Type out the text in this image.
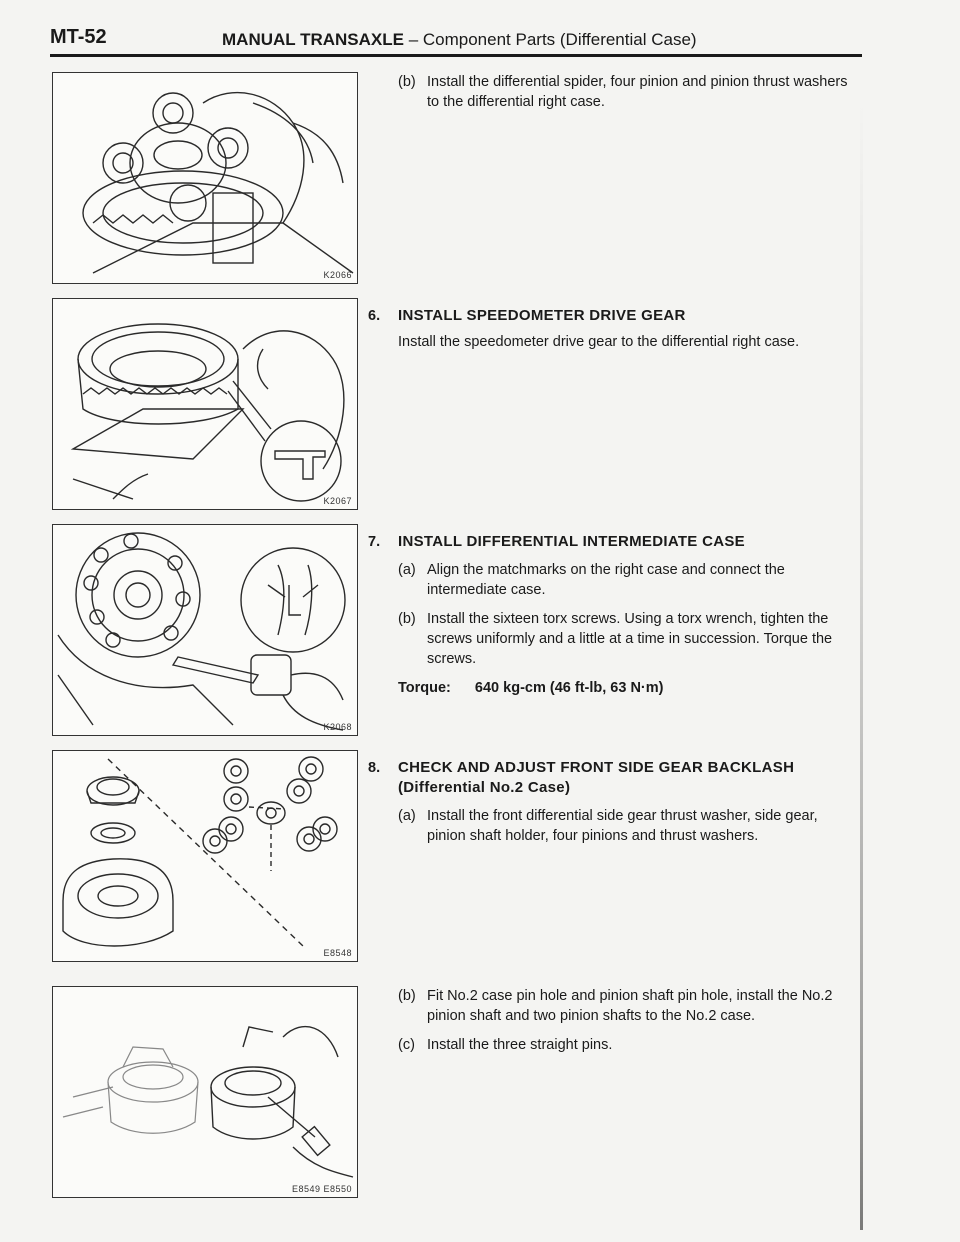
MT-52	MANUAL TRANSAXLE – Component Parts (Differential Case)
K2066
K2067
K2068
E8548
E8549 E8550
(b) Install the differential spider, four pinion and pinion thrust washers to the differential right case.
6. INSTALL SPEEDOMETER DRIVE GEAR
Install the speedometer drive gear to the differential right case.
7. INSTALL DIFFERENTIAL INTERMEDIATE CASE
(a) Align the matchmarks on the right case and connect the intermediate case.
(b) Install the sixteen torx screws. Using a torx wrench, tighten the screws uniformly and a little at a time in succession. Torque the screws.
Torque: 640 kg-cm (46 ft-lb, 63 N·m)
8. CHECK AND ADJUST FRONT SIDE GEAR BACKLASH
(Differential No.2 Case)
(a) Install the front differential side gear thrust washer, side gear, pinion shaft holder, four pinions and thrust washers.
(b) Fit No.2 case pin hole and pinion shaft pin hole, install the No.2 pinion shaft and two pinion shafts to the No.2 case.
(c) Install the three straight pins.
